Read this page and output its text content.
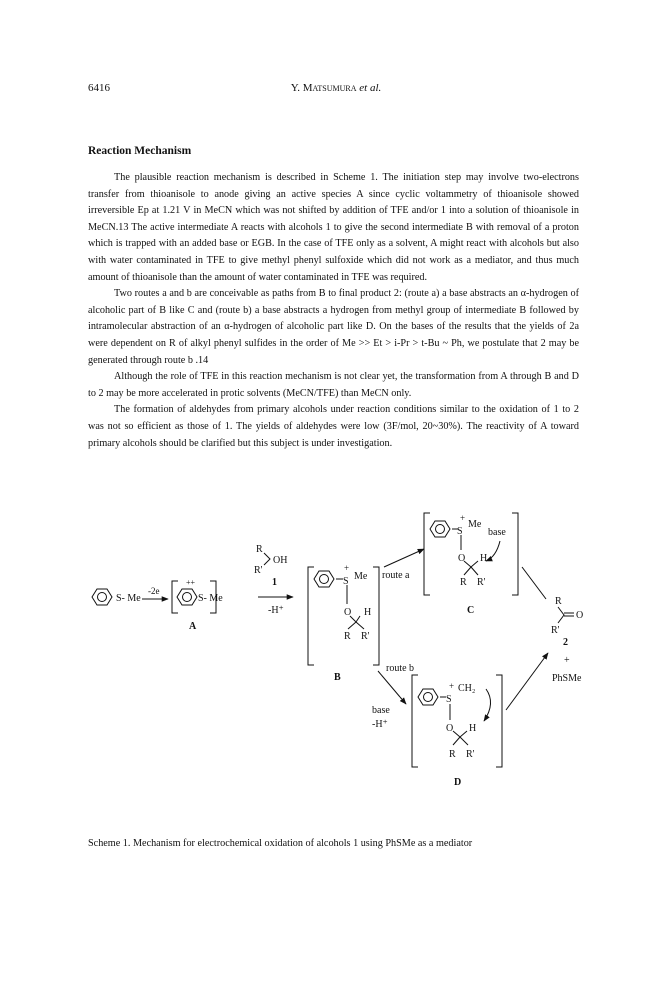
6416	Y. Matsumura et al.
Reaction Mechanism

The plausible reaction mechanism is described in Scheme 1. The initiation step may involve two-electrons transfer from thioanisole to anode giving an active species A since cyclic voltammetry of thioanisole showed irreversible Ep at 1.21 V in MeCN which was not shifted by addition of TFE and/or 1 into a solution of thioanisole in MeCN.13 The active intermediate A reacts with alcohols 1 to give the second intermediate B with removal of a proton which is trapped with an added base or EGB. In the case of TFE only as a solvent, A might react with alcohols but also with water contaminated in TFE to give methyl phenyl sulfoxide which did not work as a mediator, and thus much amount of thioanisole than the amount of water contaminated in TFE was required.

Two routes a and b are conceivable as paths from B to final product 2: (route a) a base abstracts an α-hydrogen of alcoholic part of B like C and (route b) a base abstracts a hydrogen from methyl group of intermediate B followed by intramolecular abstraction of an α-hydrogen of alcoholic part like D. On the bases of the results that the yields of 2a were dependent on R of alkyl phenyl sulfides in the order of Me >> Et > i-Pr > t-Bu ~ Ph, we postulate that 2 may be generated through route b .14

Although the role of TFE in this reaction mechanism is not clear yet, the transformation from A through B and D to 2 may be more accelerated in protic solvents (MeCN/TFE) than MeCN only.

The formation of aldehydes from primary alcohols under reaction conditions similar to the oxidation of 1 to 2 was not so efficient as those of 1. The yields of aldehydes were low (3F/mol, 20~30%). The reactivity of A toward primary alcohols should be clarified but this subject is under investigation.

S- Me
-2e
++
S- Me
A
R
OH
R'
1
-H⁺
+
S Me
O H
R R'
B
route a
+
S
Me
base
O H
R R'
C
route b
base
-H⁺
+
S
CH₂
O H
R R'
D
R
O
R'
2
+
PhSMe
Scheme 1. Mechanism for electrochemical oxidation of alcohols 1 using PhSMe as a mediator
